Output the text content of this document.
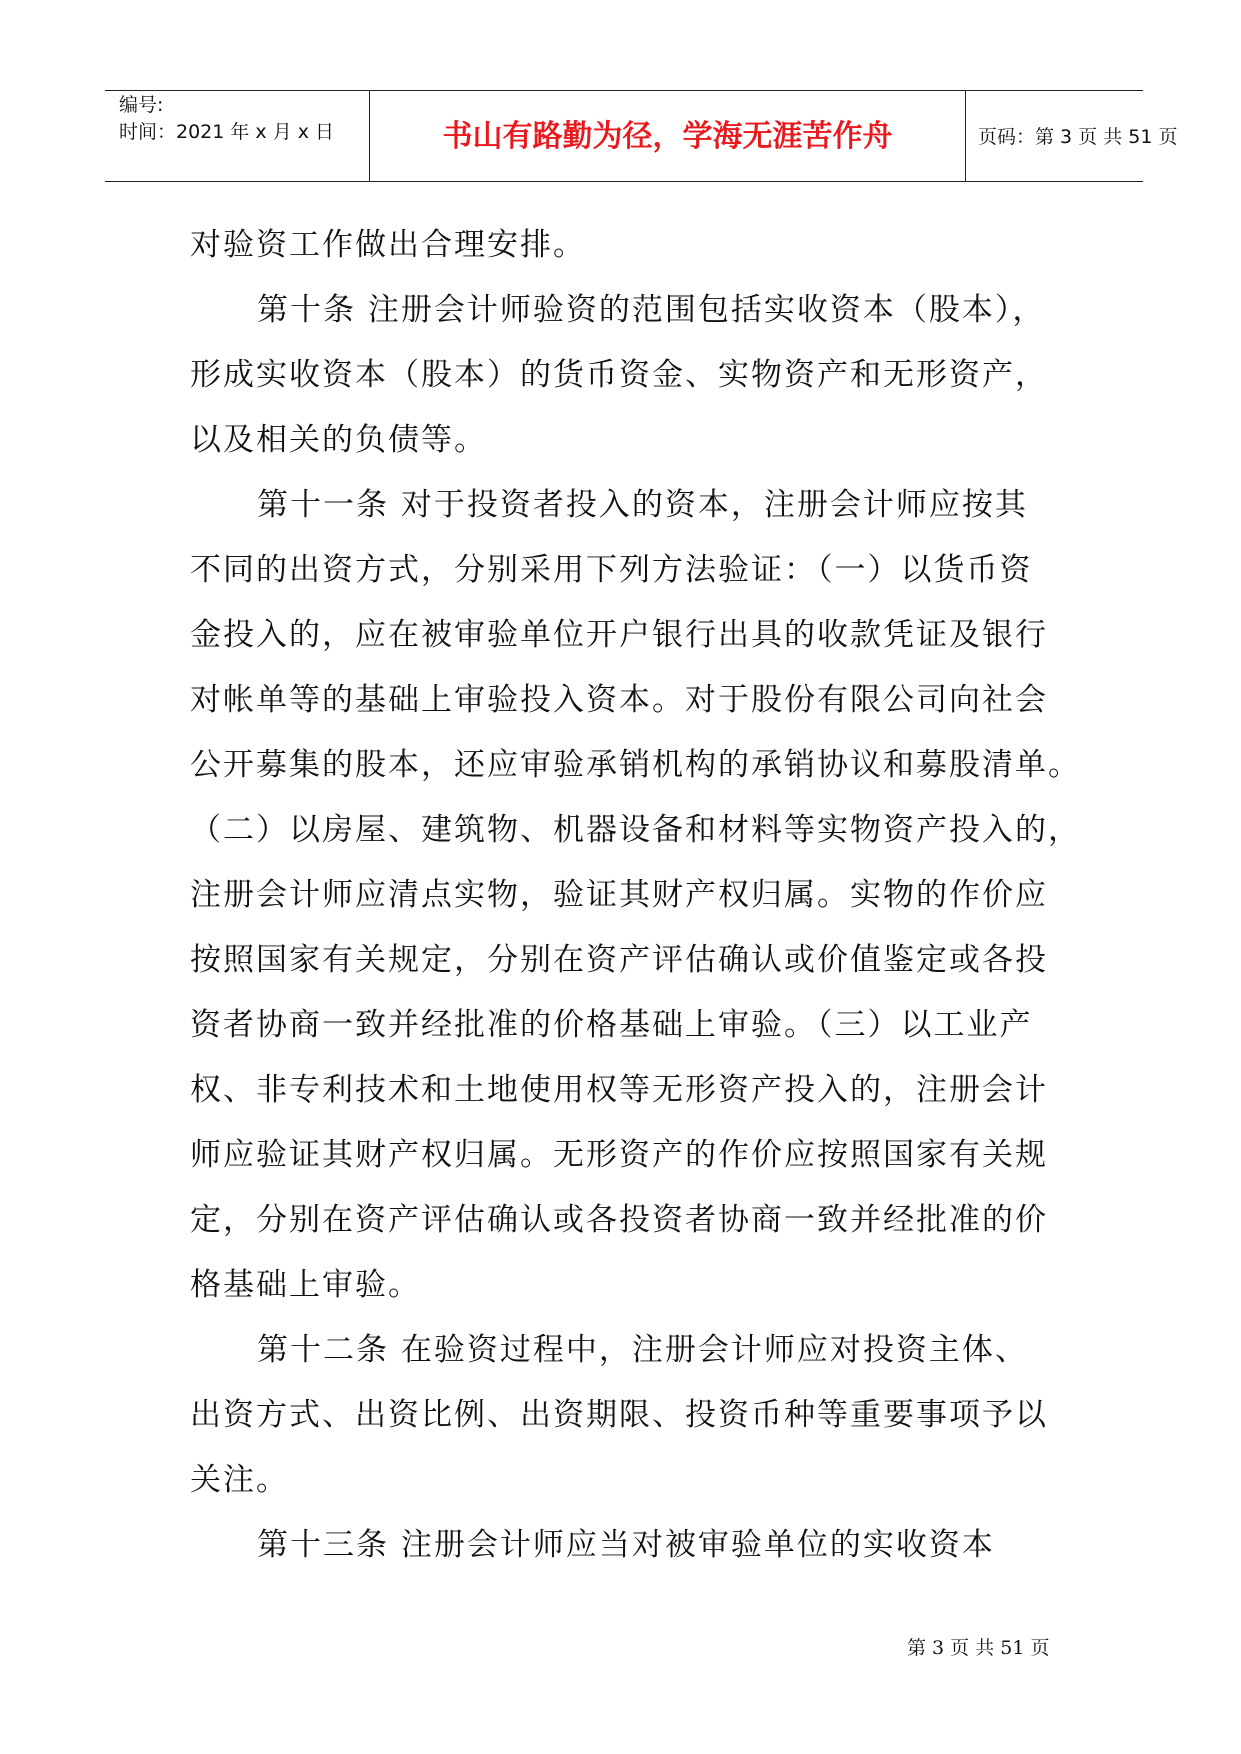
编号:
时间：2021 年 x 月 x 日	书山有路勤为径，学海无涯苦作舟	页码：第 3 页 共 51 页
对验资工作做出合理安排。
第十条 注册会计师验资的范围包括实收资本（股本），
形成实收资本（股本）的货币资金、实物资产和无形资产，
以及相关的负债等。
第十一条 对于投资者投入的资本，注册会计师应按其
不同的出资方式，分别采用下列方法验证：（一）以货币资
金投入的，应在被审验单位开户银行出具的收款凭证及银行
对帐单等的基础上审验投入资本。对于股份有限公司向社会
公开募集的股本，还应审验承销机构的承销协议和募股清单。
（二）以房屋、建筑物、机器设备和材料等实物资产投入的，
注册会计师应清点实物，验证其财产权归属。实物的作价应
按照国家有关规定，分别在资产评估确认或价值鉴定或各投
资者协商一致并经批准的价格基础上审验。（三）以工业产
权、非专利技术和土地使用权等无形资产投入的，注册会计
师应验证其财产权归属。无形资产的作价应按照国家有关规
定，分别在资产评估确认或各投资者协商一致并经批准的价
格基础上审验。
第十二条 在验资过程中，注册会计师应对投资主体、
出资方式、出资比例、出资期限、投资币种等重要事项予以
关注。
第十三条 注册会计师应当对被审验单位的实收资本
第 3 页 共 51 页
